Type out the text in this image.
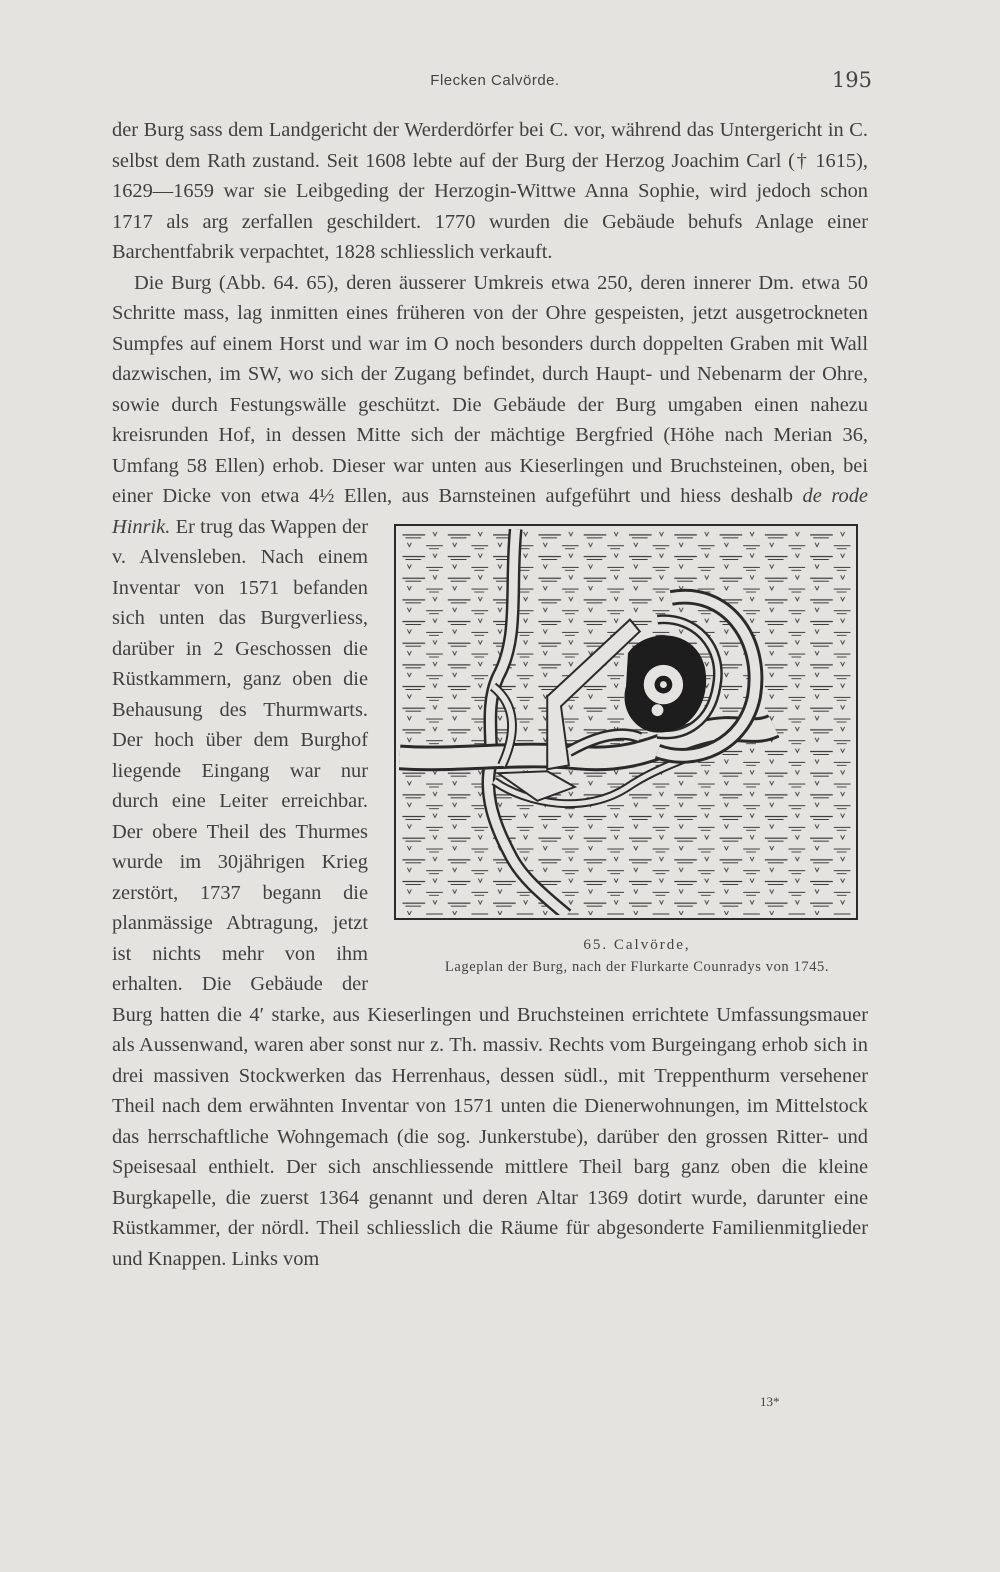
Flecken Calvörde.	195

der Burg sass dem Landgericht der Werderdörfer bei C. vor, während das Untergericht in C. selbst dem Rath zustand. Seit 1608 lebte auf der Burg der Herzog Joachim Carl († 1615), 1629—1659 war sie Leibgeding der Herzogin-Wittwe Anna Sophie, wird jedoch schon 1717 als arg zerfallen geschildert. 1770 wurden die Gebäude behufs Anlage einer Barchentfabrik verpachtet, 1828 schliesslich verkauft.

Die Burg (Abb. 64. 65), deren äusserer Umkreis etwa 250, deren innerer Dm. etwa 50 Schritte mass, lag inmitten eines früheren von der Ohre gespeisten, jetzt ausgetrockneten Sumpfes auf einem Horst und war im O noch besonders durch doppelten Graben mit Wall dazwischen, im SW, wo sich der Zugang befindet, durch Haupt- und Nebenarm der Ohre, sowie durch Festungswälle geschützt. Die Gebäude der Burg umgaben einen nahezu kreisrunden Hof, in dessen Mitte sich der mächtige Bergfried (Höhe nach Merian 36, Umfang 58 Ellen) erhob. Dieser war unten aus Kieserlingen und Bruchsteinen, oben, bei einer Dicke von etwa 4½ Ellen, aus Barnsteinen aufgeführt und hiess deshalb
65. Calvörde,
Lageplan der Burg, nach der Flurkarte Counradys von 1745.
de rode Hinrik. Er trug das Wappen der v. Alvensleben. Nach einem Inventar von 1571 befanden sich unten das Burgverliess, darüber in 2 Geschossen die Rüstkammern, ganz oben die Behausung des Thurmwarts. Der hoch über dem Burghof liegende Eingang war nur durch eine Leiter erreichbar. Der obere Theil des Thurmes wurde im 30jährigen Krieg zerstört, 1737 begann die planmässige Abtragung, jetzt ist nichts mehr von ihm erhalten. Die Gebäude der Burg hatten die 4′ starke, aus Kieserlingen und Bruchsteinen errichtete Umfassungsmauer als Aussenwand, waren aber sonst nur z. Th. massiv. Rechts vom Burgeingang erhob sich in drei massiven Stockwerken das Herrenhaus, dessen südl., mit Treppenthurm versehener Theil nach dem erwähnten Inventar von 1571 unten die Dienerwohnungen, im Mittelstock das herrschaftliche Wohngemach (die sog. Junkerstube), darüber den grossen Ritter- und Speisesaal enthielt. Der sich anschliessende mittlere Theil barg ganz oben die kleine Burgkapelle, die zuerst 1364 genannt und deren Altar 1369 dotirt wurde, darunter eine Rüstkammer, der nördl. Theil schliesslich die Räume für abgesonderte Familienmitglieder und Knappen. Links vom

13*
